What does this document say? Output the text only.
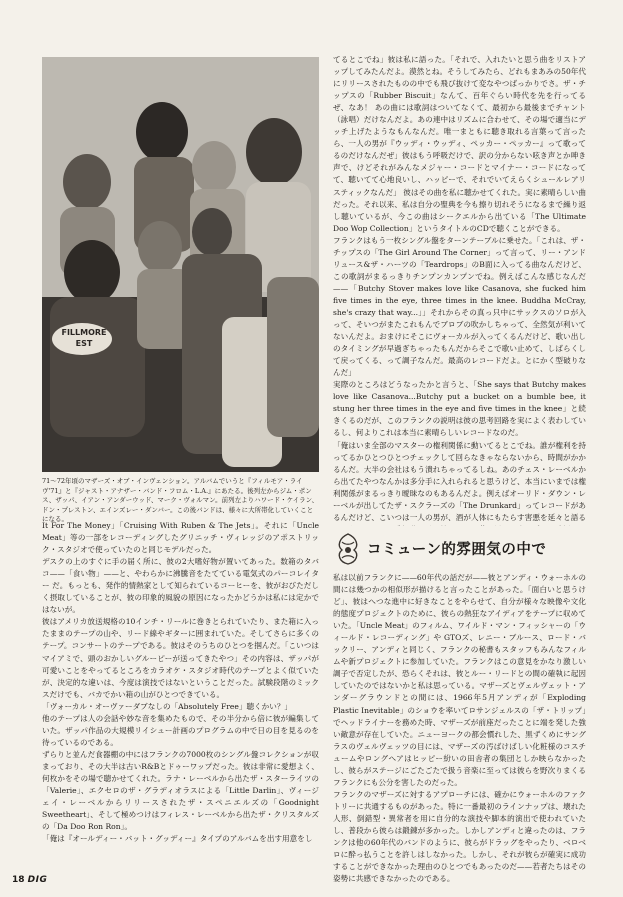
FILLMORE
EST

71〜72年頃のマザーズ・オブ・インヴェンション。アルバムでいうと『フィルモア・ライヴ'71』と『ジャスト・アナザー・バンド・フロム・L.A.』にあたる。後列左からジム・ポンス、ザッパ、イアン・アンダーウッド、マーク・ヴォルマン。前列左よりハワード・ケイラン、ドン・プレストン、エインズレー・ダンバー。この後バンドは、様々に大所帯化していくことになる。

It For The Money」「Cruising With Ruben & The Jets」。それに「Uncle Meat」等の一部をレコーディングしたグリニッチ・ヴィレッジのアポストリック・スタジオで使っていたのと同じモデルだった。

デスクの上のすぐに手の届く所に、彼の2大嗜好物が置いてあった。数箱のタバコ——「食い物」——と、やわらかに沸騰音をたてている電気式のパーコレイター だ。もっとも、発作的情熱家として知られているコーヒーを、彼がおびただしく摂取していることが、彼の印象的風貌の原因になったかどうかは私には定かではないが。

彼はアメリカ放送規格の10インチ・リールに巻きとられていたり、また箱に入ったままのテープの山や、リード線やギターに囲まれていた。そしてさらに多くのテープ。コンサートのテープである。彼はそのうちのひとつを掴んだ。「こいつはマイアミで、頭のおかしいグルーピーが送ってきたやつ」その内容は、ザッパが可愛いことをやってるところをカラオケ・スタジオ時代のテープとよく似ていたが、決定的な違いは、今度は演技ではないということだった。試験段階のミックスだけでも、バカでかい箱の山がひとつできている。

「ヴォーカル・オーヴァーダブなしの「Absolutely Free」聴くかい？」

他のテープは人の会話や妙な音を集めたもので、その半分から倍に彼が編集していた。ザッパ作品の大規模リイシュー計画のプログラムの中で日の目を見るのを待っているのである。

ずらりと並んだ食器棚の中にはフランクの7000枚のシングル盤コレクションが収まっており、その大半は古いR&Bとドゥーワップだった。彼は非常に愛想よく、何枚かをその場で聴かせてくれた。ラナ・レーベルから出たザ・スターライツの「Valerie」、エクセロのザ・グラディオラスによる「Little Darlin」、ヴィージェイ・レーベルからリリースされたザ・スペニエルズの「Goodnight Sweetheart」、そして極めつけはフィレス・レーベルから出たザ・クリスタルズの「Da Doo Ron Ron」。

「俺は『オールディー・バット・グッディー』タイプのアルバムを出す用意をし

てるとこでね」彼は私に語った。「それで、入れたいと思う曲をリストアップしてみたんだよ。漠然とね。そうしてみたら、どれもまあみの50年代にリリースされたものの中でも飛び抜けて変なやつばっかりでさ。ザ・チップスの「Rubber Biscuit」なんて、百年ぐらい時代を先を行ってるぜ、なあ！ あの曲には歌詞はついてなくて、最初から最後までチャント（詠唱）だけなんだよ。あの連中はリズムに合わせて、その場で適当にデッチ上げたようなもんなんだ。唯一まともに聴き取れる言葉って言ったら、一人の男が『ウッディ・ウッディ、ペッカー・ペッカー』って歌ってるのだけなんだぜ」彼はもう呼吸だけで、訳の分からない呟き声とか呻き声で、けどそれがみんなメジャー・コードとマイナー・コードになってて、聴いてて心地良いし、ハッピーで、それでいてえらくシュールレアリスティックなんだ」 彼はその曲を私に聴かせてくれた。実に素晴らしい曲だった。それ以来、私は自分の聖典を今も擦り切れそうになるまで繰り返し聴いているが、今この曲はシークエルから出ている「The Ultimate Doo Wop Collection」というタイトルのCDで聴くことができる。

フランクはもう一枚シングル盤をターンテーブルに乗せた。「これは、ザ・チップスの「The Girl Around The Corner」って言って、リー・アンドリュース&ザ・ハーツの「Teardrops」のB面に入ってる曲なんだけど、この歌詞がまるっきりチンプンカンプンでね。例えばこんな感じなんだ——「Butchy Stover makes love like Casanova, she fucked him five times in the eye, three times in the knee. Buddha McCray, she's crazy that way...」」それからその真っ只中にサックスのソロが入って、そいつがまたこれもんでブロブの吹かしちゃって、全然気が利いてないんだよ。おまけにそこにヴォーカルが入ってくるんだけど、歌い出しのタイミングが早過ぎちゃったもんだからそこで歌い止めて、しばらくして戻ってくる、って調子なんだ。最高のレコードだよ。とにかく型破りなんだ」

実際のところはどうなったかと言うと、「She says that Butchy makes love like Casanova...Butchy put a bucket on a bumble bee, it stung her three times in the eye and five times in the knee」と続きくるのだが、このフランクの説明は彼の思考回路を実によく表わしているし、何よりこれは本当に素晴らしいレコードなのだ。

「俺はいま全部のマスターの権利関係に動いてるとこでね。誰が権利を持ってるかひとつひとつチェックして回らなきゃならないから、時間がかかるんだ。大半の会社はもう潰れちゃってるしね。あのチェス・レーベルから出てたやつなんかは多分手に入れられると思うけど、本当にいまでは権利関係がまるっきり曖昧なのもあるんだよ。例えばオーリド・ダウン・レーベルが出してたザ・スクラーズの「The Drunkard」ってレコードがあるんだけど、こいつは一人の男が、酒が人体にもたらす害悪を延々と語る

コミューン的雰囲気の中で

私は以前フランクに——60年代の話だが——彼とアンディ・ウォーホルの間には幾つかの相似形が描けると言ったことがあった。「面白いと思うけど」、彼はへつな進中に好きなことをやらせて、自分が様々な映像や文化的態度プロジェクトのために、彼らの熱狂なアイディアをテープに収めていた。「Uncle Meat」のフィルム、ワイルド・マン・フィッシャーの「ウィールド・レコーディング」や GTOズ、レニー・ブルース、ロード・バックリー、アンディと同じく、フランクの秘書もスタッフもみんなフィルムや新プロジェクトに参加していた。フランクはこの意見をかなり激しい調子で否定したが、恐らくそれは、彼とルー・リードとの間の確執に起因していたのではないかと私は思っている。マザーズとヴェルヴェット・アンダーグラウンドとの間には、1966年5月アンディが「Exploding Plastic Inevitable」のショウを率いてロサンジェルスの「ザ・トリップ」でヘッドライナーを務めた時、マザーズが前座だったことに端を発した強い敵意が存在していた。ニューヨークの都会慣れした、黒ずくめにサングラスのヴェルヴェッツの目には、マザーズの汚ばけばしい化粧様のコスチュームやロングへアはヒッピー紛いの田舎者の集団としか映らなかったし、彼らがステージにごたごたで扱う音楽に至っては彼らを野次りまくるフランクにも公分を害したのだった。

フランクのマザーズに対するアプローチには、確かにウォーホルのファクトリーに共通するものがあった。特に一番最初のラインナップは、壊れた人形、倒錯型・異常者を用に自分的な演技や脚本的演出で使われていたし、普段から彼らは鍛錬が多かった。しかしアンディと違ったのは、フランクは他の60年代のバンドのように、彼らがドラッグをやったり、ベロベロに酔っ払うことを許しはしなかった。しかし、それが彼らが確実に成功することができなかった理由のひとつでもあったのだ——若者たちはその姿勢に共感できなかったのである。

18 DIG
